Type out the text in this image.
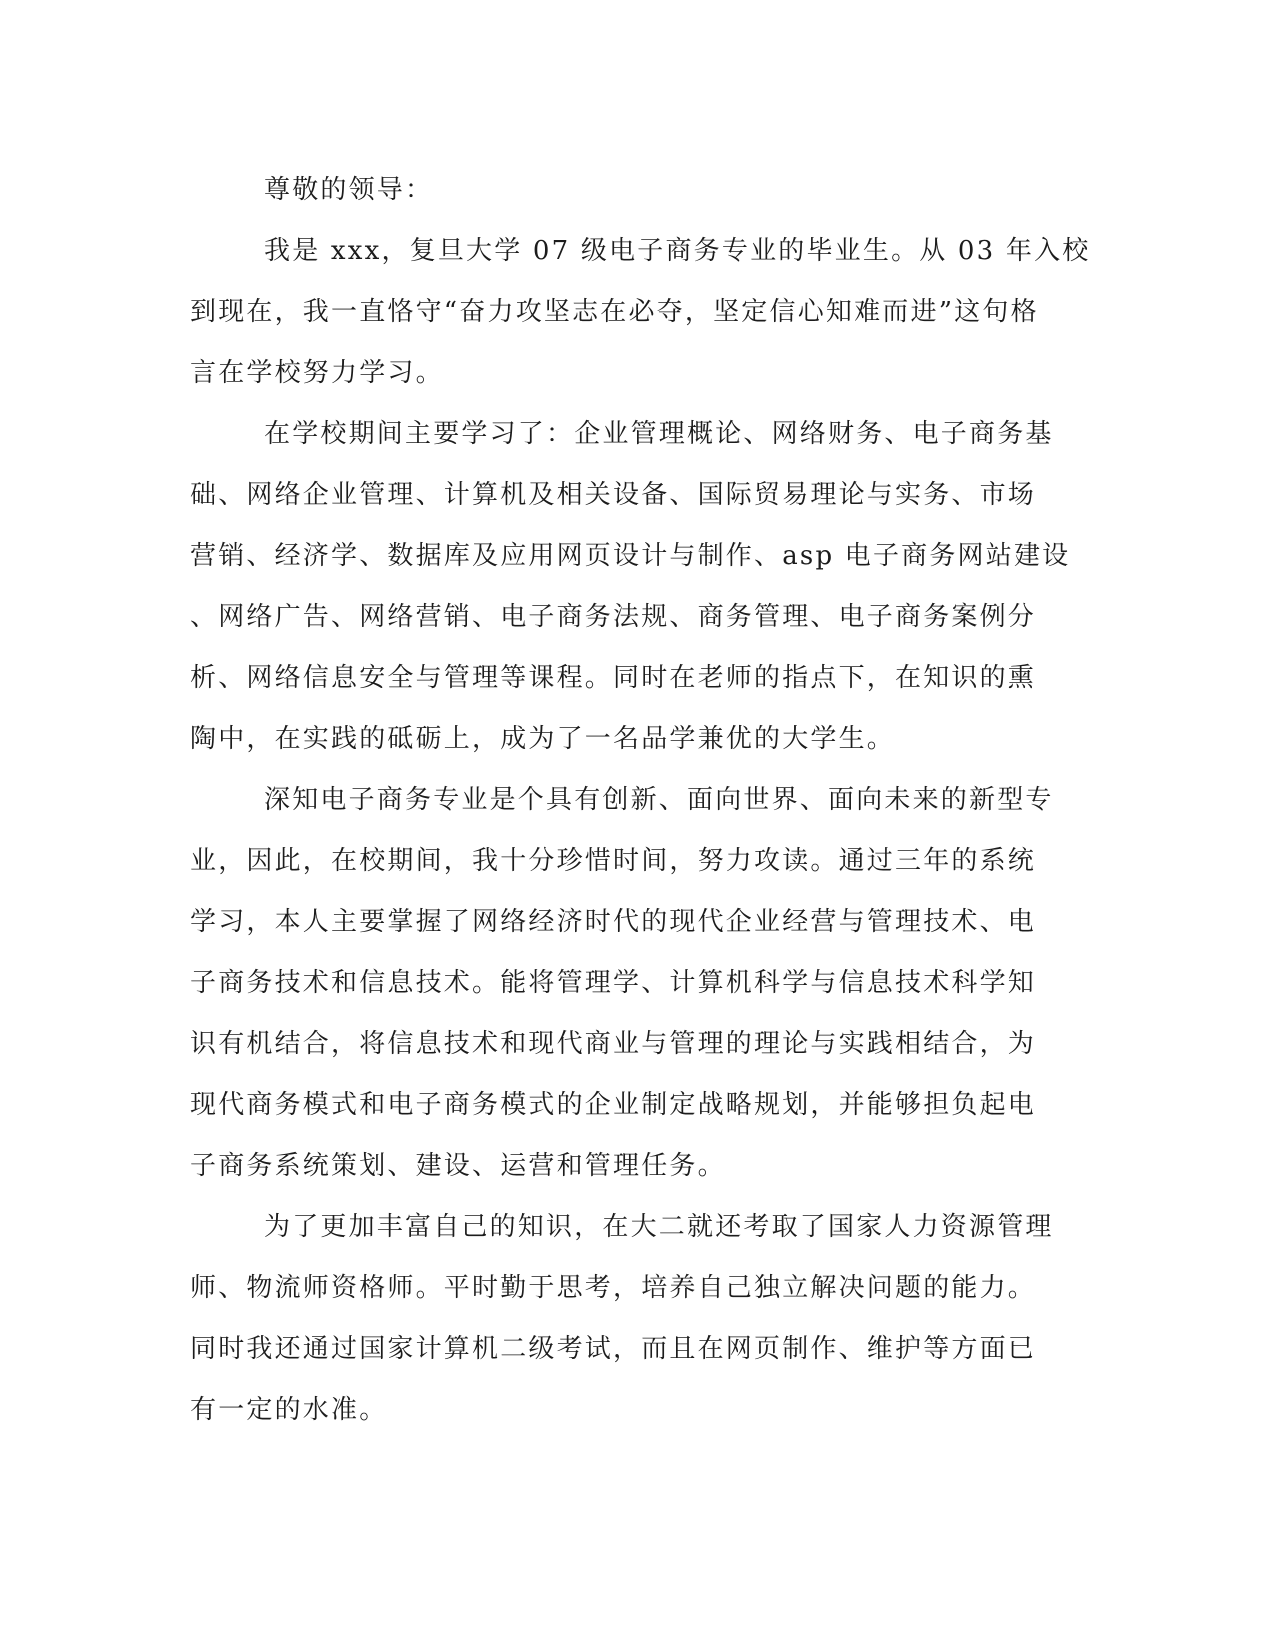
尊敬的领导：
我是 xxx，复旦大学 07 级电子商务专业的毕业生。从 03 年入校
到现在，我一直恪守“奋力攻坚志在必夺，坚定信心知难而进”这句格
言在学校努力学习。
在学校期间主要学习了：企业管理概论、网络财务、电子商务基
础、网络企业管理、计算机及相关设备、国际贸易理论与实务、市场
营销、经济学、数据库及应用网页设计与制作、asp 电子商务网站建设
、网络广告、网络营销、电子商务法规、商务管理、电子商务案例分
析、网络信息安全与管理等课程。同时在老师的指点下，在知识的熏
陶中，在实践的砥砺上，成为了一名品学兼优的大学生。
深知电子商务专业是个具有创新、面向世界、面向未来的新型专
业，因此，在校期间，我十分珍惜时间，努力攻读。通过三年的系统
学习，本人主要掌握了网络经济时代的现代企业经营与管理技术、电
子商务技术和信息技术。能将管理学、计算机科学与信息技术科学知
识有机结合，将信息技术和现代商业与管理的理论与实践相结合，为
现代商务模式和电子商务模式的企业制定战略规划，并能够担负起电
子商务系统策划、建设、运营和管理任务。
为了更加丰富自己的知识，在大二就还考取了国家人力资源管理
师、物流师资格师。平时勤于思考，培养自己独立解决问题的能力。
同时我还通过国家计算机二级考试，而且在网页制作、维护等方面已
有一定的水准。
